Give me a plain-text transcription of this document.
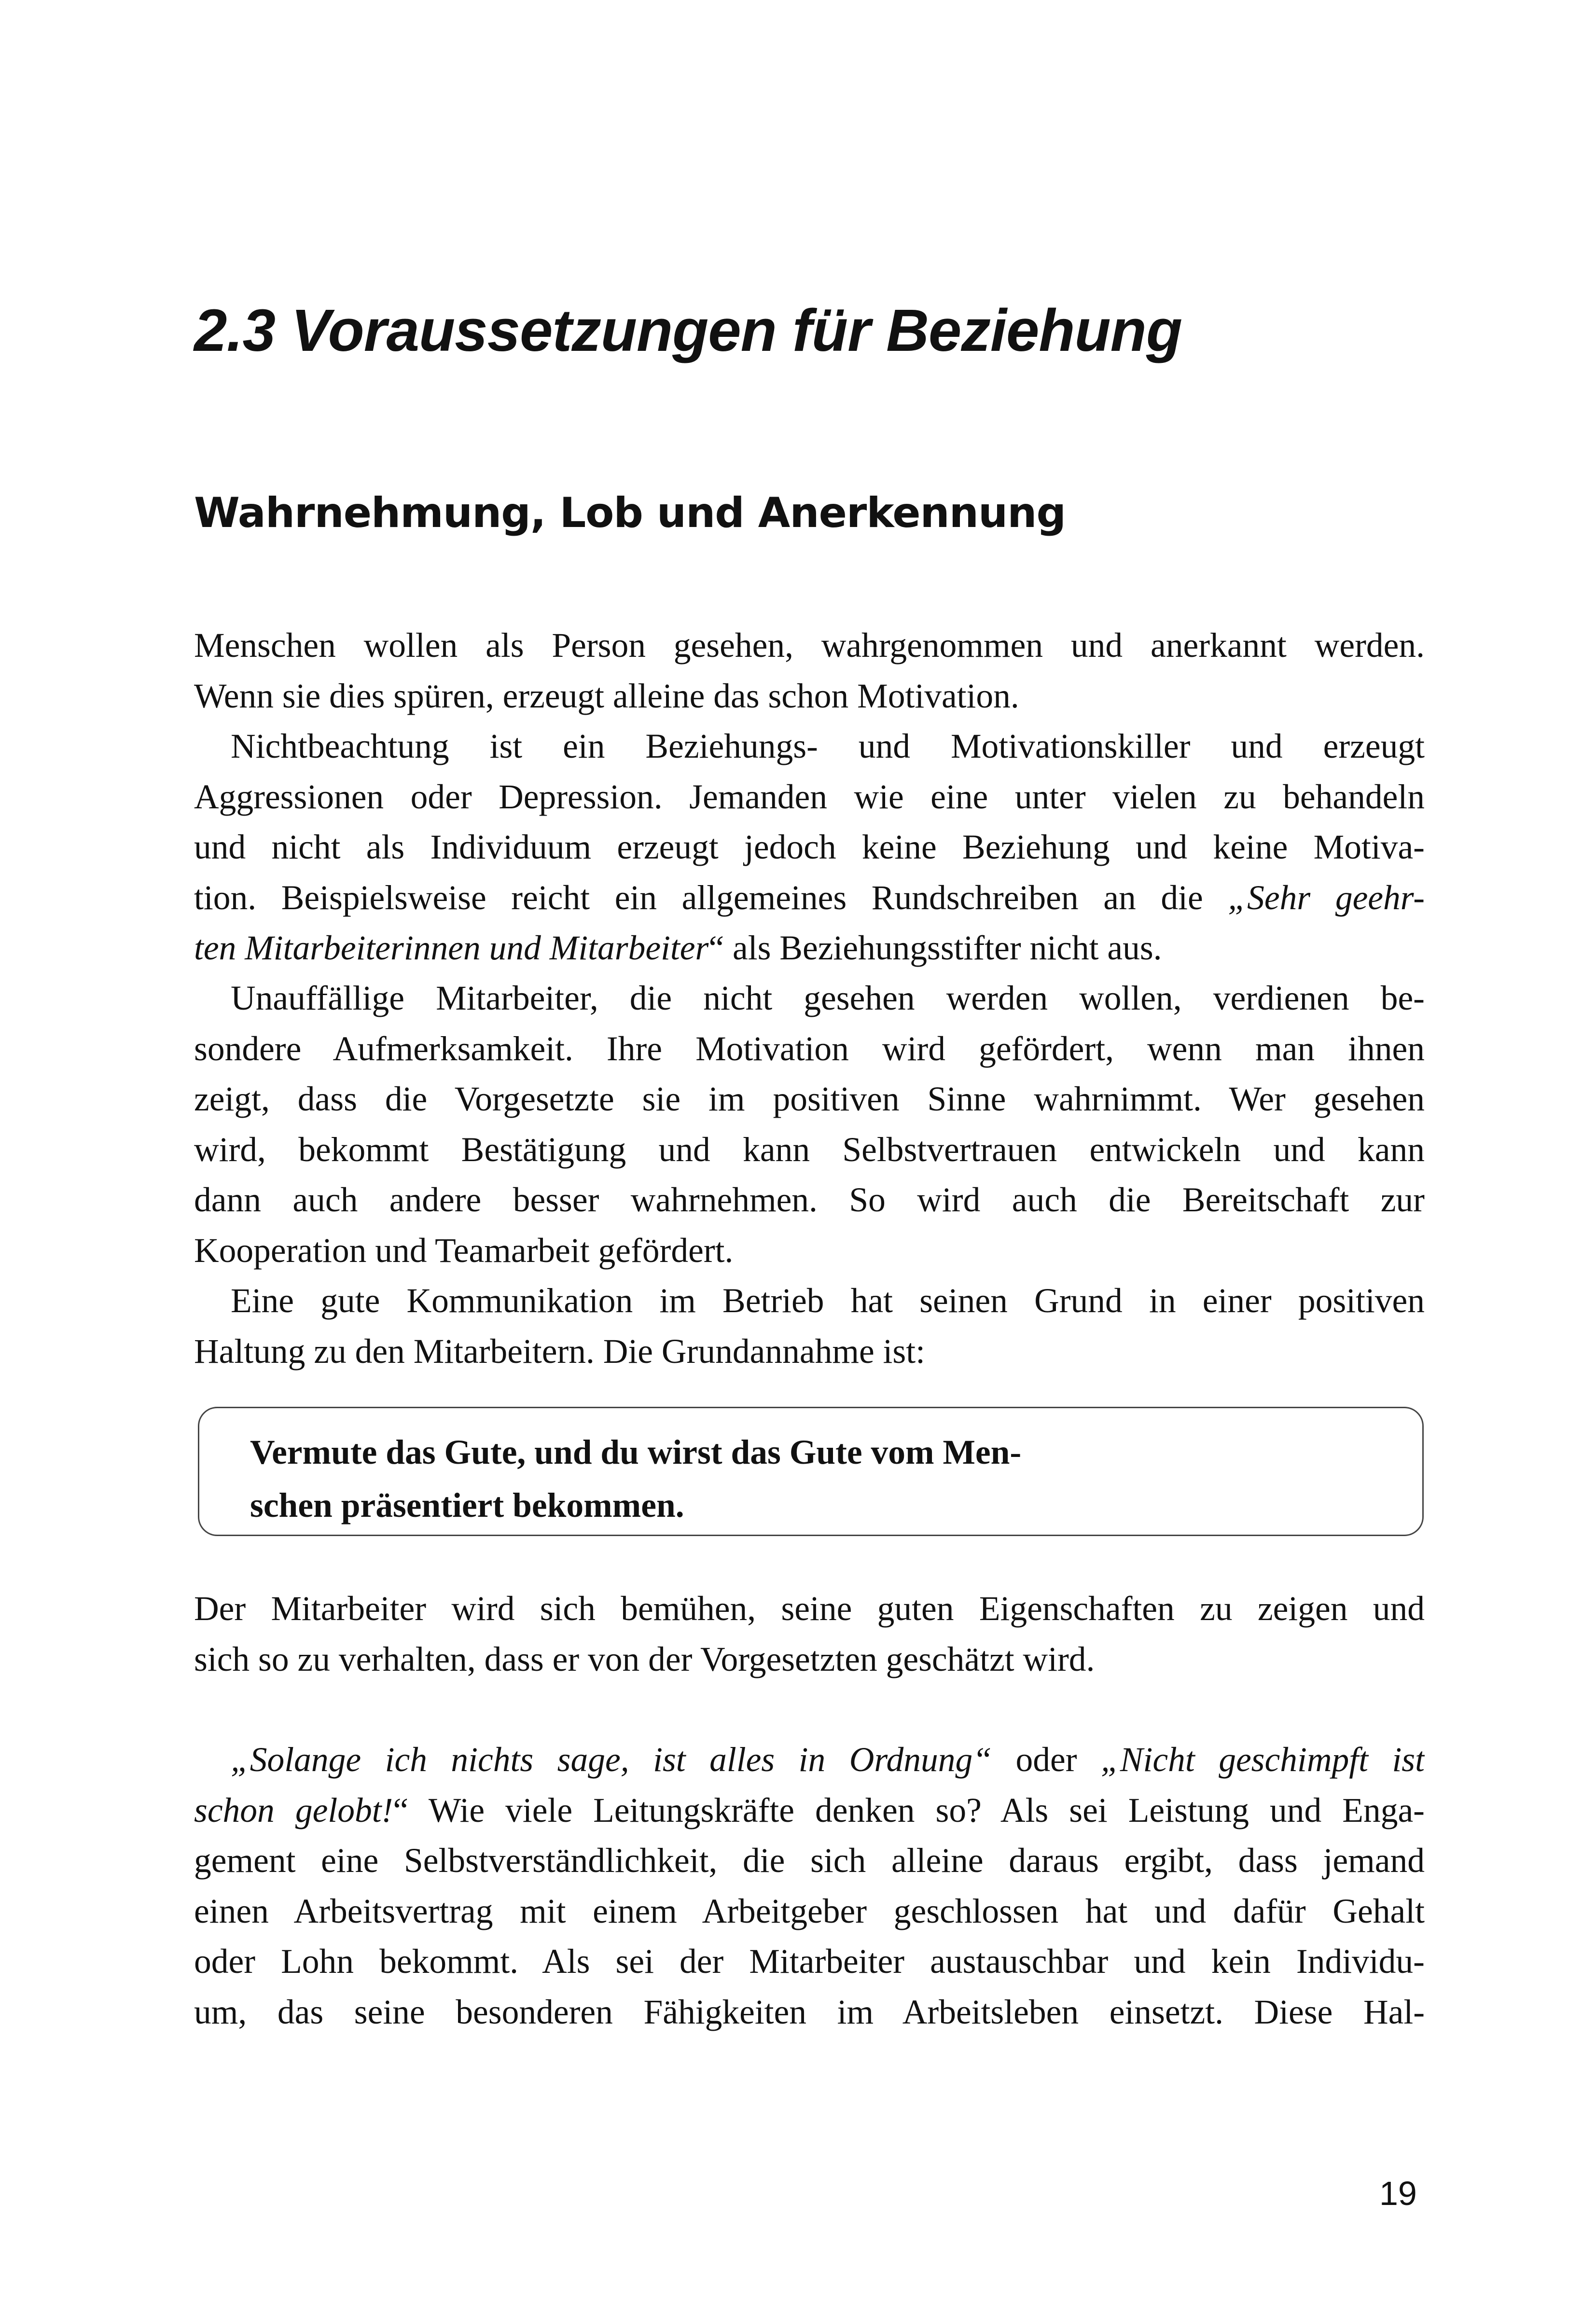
2.3 Voraussetzungen für Beziehung
Wahrnehmung, Lob und Anerkennung
Menschen wollen als Person gesehen, wahrgenommen und anerkannt werden.
Wenn sie dies spüren, erzeugt alleine das schon Motivation.
Nichtbeachtung ist ein Beziehungs- und Motivationskiller und erzeugt
Aggressionen oder Depression. Jemanden wie eine unter vielen zu behandeln
und nicht als Individuum erzeugt jedoch keine Beziehung und keine Motiva-
tion. Beispielsweise reicht ein allgemeines Rundschreiben an die „Sehr geehr-
ten Mitarbeiterinnen und Mitarbeiter“ als Beziehungsstifter nicht aus.
Unauffällige Mitarbeiter, die nicht gesehen werden wollen, verdienen be-
sondere Aufmerksamkeit. Ihre Motivation wird gefördert, wenn man ihnen
zeigt, dass die Vorgesetzte sie im positiven Sinne wahrnimmt. Wer gesehen
wird, bekommt Bestätigung und kann Selbstvertrauen entwickeln und kann
dann auch andere besser wahrnehmen. So wird auch die Bereitschaft zur
Kooperation und Teamarbeit gefördert.
Eine gute Kommunikation im Betrieb hat seinen Grund in einer positiven
Haltung zu den Mitarbeitern. Die Grundannahme ist:

Vermute das Gute, und du wirst das Gute vom Men-
schen präsentiert bekommen.

Der Mitarbeiter wird sich bemühen, seine guten Eigenschaften zu zeigen und
sich so zu verhalten, dass er von der Vorgesetzten geschätzt wird.
„Solange ich nichts sage, ist alles in Ordnung“ oder „Nicht geschimpft ist
schon gelobt!“ Wie viele Leitungskräfte denken so? Als sei Leistung und Enga-
gement eine Selbstverständlichkeit, die sich alleine daraus ergibt, dass jemand
einen Arbeitsvertrag mit einem Arbeitgeber geschlossen hat und dafür Gehalt
oder Lohn bekommt. Als sei der Mitarbeiter austauschbar und kein Individu-
um, das seine besonderen Fähigkeiten im Arbeitsleben einsetzt. Diese Hal-

19
